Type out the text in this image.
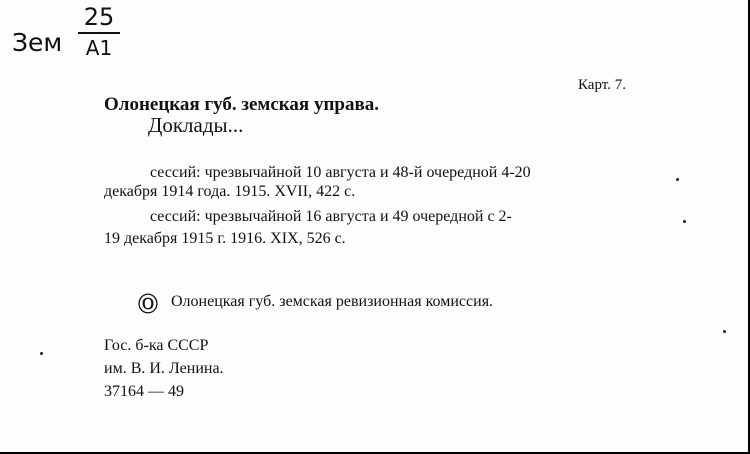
Зем
25
A1
Карт. 7.
Олонецкая губ. земская управа.
Доклады...
сессий: чрезвычайной 10 августа и 48-й очередной 4-20
декабря 1914 года. 1915. XVII, 422 с.
сессий: чрезвычайной 16 августа и 49 очередной с 2-
19 декабря 1915 г. 1916. XIX, 526 с.
Ⓞ Олонецкая губ. земская ревизионная комиссия.
Гос. б-ка СССР
им. В. И. Ленина.
37164 — 49
